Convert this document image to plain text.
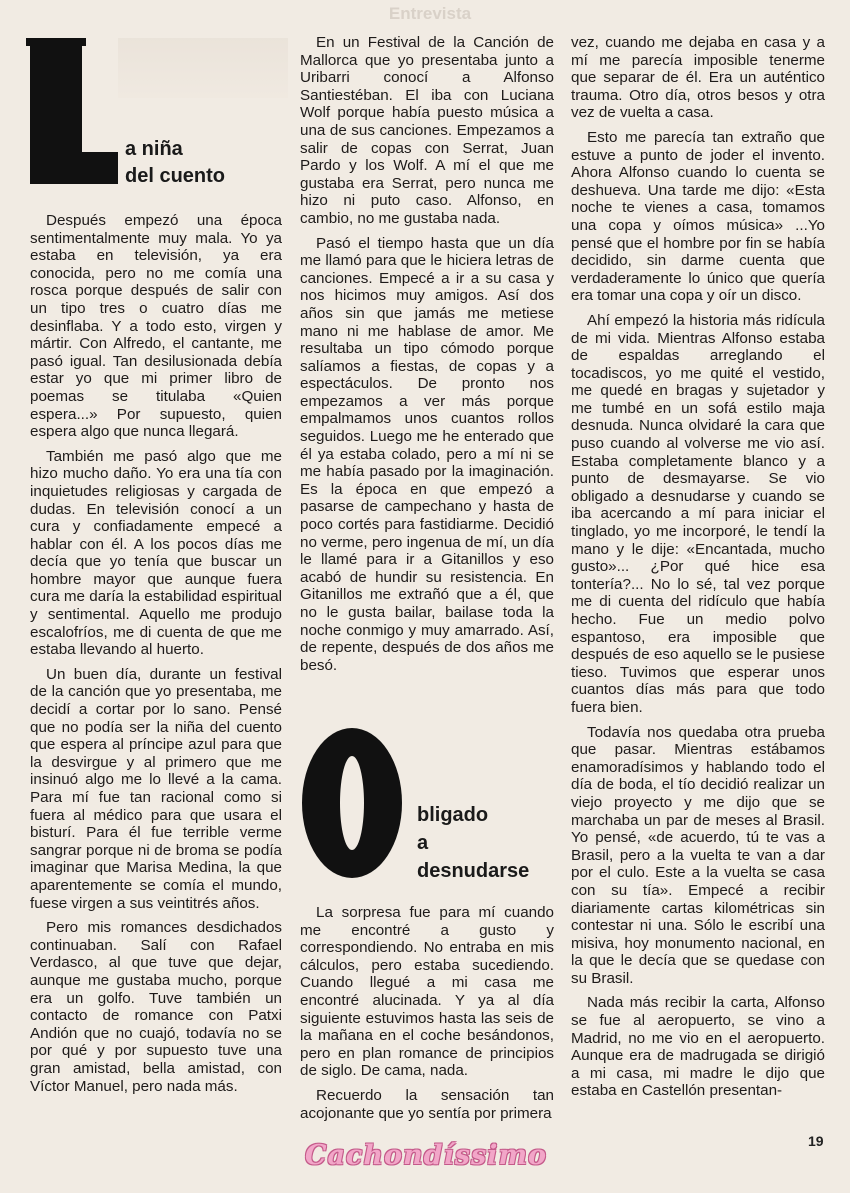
Entrevista
a niña
del cuento

Después empezó una época sentimentalmente muy mala. Yo ya estaba en televisión, ya era conocida, pero no me comía una rosca porque después de salir con un tipo tres o cuatro días me desinflaba. Y a todo esto, virgen y mártir. Con Alfredo, el cantante, me pasó igual. Tan desilusionada debía estar yo que mi primer libro de poemas se titulaba «Quien espera...» Por supuesto, quien espera algo que nunca llegará.

También me pasó algo que me hizo mucho daño. Yo era una tía con inquietudes religiosas y cargada de dudas. En televisión conocí a un cura y confiadamente empecé a hablar con él. A los pocos días me decía que yo tenía que buscar un hombre mayor que aunque fuera cura me daría la estabilidad espiritual y sentimental. Aquello me produjo escalofríos, me di cuenta de que me estaba llevando al huerto.

Un buen día, durante un festival de la canción que yo presentaba, me decidí a cortar por lo sano. Pensé que no podía ser la niña del cuento que espera al príncipe azul para que la desvirgue y al primero que me insinuó algo me lo llevé a la cama. Para mí fue tan racional como si fuera al médico para que usara el bisturí. Para él fue terrible verme sangrar porque ni de broma se podía imaginar que Marisa Medina, la que aparentemente se comía el mundo, fuese virgen a sus veintitrés años.

Pero mis romances desdichados continuaban. Salí con Rafael Verdasco, al que tuve que dejar, aunque me gustaba mucho, porque era un golfo. Tuve también un contacto de romance con Patxi Andión que no cuajó, todavía no se por qué y por supuesto tuve una gran amistad, bella amistad, con Víctor Manuel, pero nada más.

En un Festival de la Canción de Mallorca que yo presentaba junto a Uribarri conocí a Alfonso Santiestéban. El iba con Luciana Wolf porque había puesto música a una de sus canciones. Empezamos a salir de copas con Serrat, Juan Pardo y los Wolf. A mí el que me gustaba era Serrat, pero nunca me hizo ni puto caso. Alfonso, en cambio, no me gustaba nada.

Pasó el tiempo hasta que un día me llamó para que le hiciera letras de canciones. Empecé a ir a su casa y nos hicimos muy amigos. Así dos años sin que jamás me metiese mano ni me hablase de amor. Me resultaba un tipo cómodo porque salíamos a fiestas, de copas y a espectáculos. De pronto nos empezamos a ver más porque empalmamos unos cuantos rollos seguidos. Luego me he enterado que él ya estaba colado, pero a mí ni se me había pasado por la imaginación. Es la época en que empezó a pasarse de campechano y hasta de poco cortés para fastidiarme. Decidió no verme, pero ingenua de mí, un día le llamé para ir a Gitanillos y eso acabó de hundir su resistencia. En Gitanillos me extrañó que a él, que no le gusta bailar, bailase toda la noche conmigo y muy amarrado. Así, de repente, después de dos años me besó.

bligado
a
desnudarse

La sorpresa fue para mí cuando me encontré a gusto y correspondiendo. No entraba en mis cálculos, pero estaba sucediendo. Cuando llegué a mi casa me encontré alucinada. Y ya al día siguiente estuvimos hasta las seis de la mañana en el coche besándonos, pero en plan romance de principios de siglo. De cama, nada.

Recuerdo la sensación tan acojonante que yo sentía por primera

vez, cuando me dejaba en casa y a mí me parecía imposible tenerme que separar de él. Era un auténtico trauma. Otro día, otros besos y otra vez de vuelta a casa.

Esto me parecía tan extraño que estuve a punto de joder el invento. Ahora Alfonso cuando lo cuenta se deshueva. Una tarde me dijo: «Esta noche te vienes a casa, tomamos una copa y oímos música» ...Yo pensé que el hombre por fin se había decidido, sin darme cuenta que verdaderamente lo único que quería era tomar una copa y oír un disco.

Ahí empezó la historia más ridícula de mi vida. Mientras Alfonso estaba de espaldas arreglando el tocadiscos, yo me quité el vestido, me quedé en bragas y sujetador y me tumbé en un sofá estilo maja desnuda. Nunca olvidaré la cara que puso cuando al volverse me vio así. Estaba completamente blanco y a punto de desmayarse. Se vio obligado a desnudarse y cuando se iba acercando a mí para iniciar el tinglado, yo me incorporé, le tendí la mano y le dije: «Encantada, mucho gusto»... ¿Por qué hice esa tontería?... No lo sé, tal vez porque me di cuenta del ridículo que había hecho. Fue un medio polvo espantoso, era imposible que después de eso aquello se le pusiese tieso. Tuvimos que esperar unos cuantos días más para que todo fuera bien.

Todavía nos quedaba otra prueba que pasar. Mientras estábamos enamoradísimos y hablando todo el día de boda, el tío decidió realizar un viejo proyecto y me dijo que se marchaba un par de meses al Brasil. Yo pensé, «de acuerdo, tú te vas a Brasil, pero a la vuelta te van a dar por el culo. Este a la vuelta se casa con su tía». Empecé a recibir diariamente cartas kilométricas sin contestar ni una. Sólo le escribí una misiva, hoy monumento nacional, en la que le decía que se quedase con su Brasil.

Nada más recibir la carta, Alfonso se fue al aeropuerto, se vino a Madrid, no me vio en el aeropuerto. Aunque era de madrugada se dirigió a mi casa, mi madre le dijo que estaba en Castellón presentan-

Cachondíssimo	19
